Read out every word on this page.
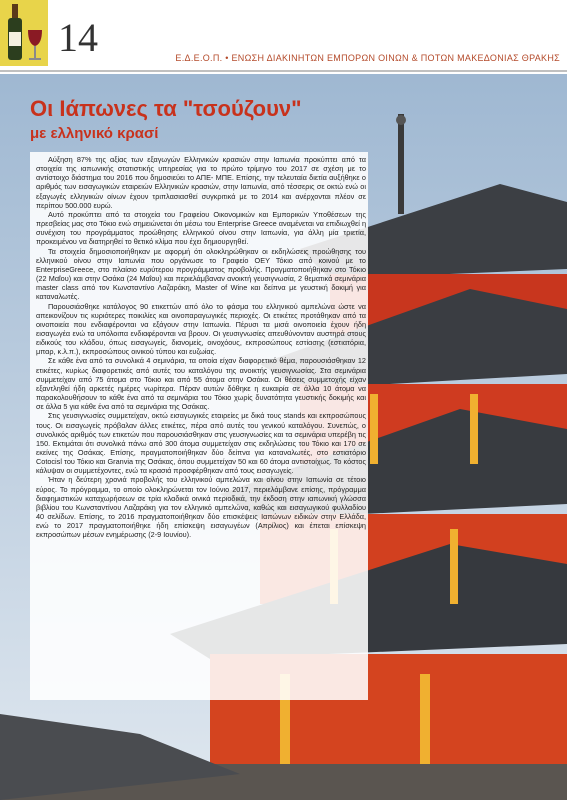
14	Ε.Δ.Ε.Ο.Π. • ΕΝΩΣΗ ΔΙΑΚΙΝΗΤΩΝ ΕΜΠΟΡΩΝ ΟΙΝΩΝ & ΠΟΤΩΝ ΜΑΚΕΔΟΝΙΑΣ ΘΡΑΚΗΣ
Οι Ιάπωνες τα "τσούζουν"
με ελληνικό κρασί

Αύξηση 87% της αξίας των εξαγωγών Ελληνικών κρασιών στην Ιαπωνία προκύπτει από τα στοιχεία της ιαπωνικής στατιστικής υπηρεσίας για το πρώτο τρίμηνο του 2017 σε σχέση με το αντίστοιχο διάστημα του 2016 που δημοσιεύει το ΑΠΕ- ΜΠΕ. Επίσης, την τελευταία διετία αυξήθηκε ο αριθμός των εισαγωγικών εταιρειών Ελληνικών κρασιών, στην Ιαπωνία, από τέσσερις σε οκτώ ενώ οι εξαγωγές ελληνικών οίνων έχουν τριπλασιασθεί συγκριτικά με το 2014 και ανέρχονται πλέον σε περίπου 500.000 ευρώ.

Αυτό προκύπτει από τα στοιχεία του Γραφείου Οικονομικών και Εμπορικών Υποθέσεων της πρεσβείας μας στο Τόκιο ενώ σημειώνεται ότι μέσω του Enterprise Greece αναμένεται να επιδιωχθεί η συνέχιση του προγράμματος προώθησης ελληνικού οίνου στην Ιαπωνία, για άλλη μία τριετία, προκειμένου να διατηρηθεί το θετικό κλίμα που έχει δημιουργηθεί.

Τα στοιχεία δημοσιοποιήθηκαν με αφορμή ότι ολοκληρώθηκαν οι εκδηλώσεις προώθησης του ελληνικού οίνου στην Ιαπωνία που οργάνωσε το Γραφείο ΟΕΥ Τόκιο από κοινού με το EnterpriseGreece, στο πλαίσιο ευρύτερου προγράμματος προβολής. Πραγματοποιήθηκαν στο Τόκιο (22 Μαΐου) και στην Οσάκα (24 Μαΐου) και περιελάμβαναν ανοικτή γευσιγνωσία, 2 θεματικά σεμινάρια master class από τον Κωνσταντίνο Λαζαράκη, Master of Wine και δείπνα με γευστική δοκιμή για καταναλωτές.

Παρουσιάσθηκε κατάλογος 90 ετικεττών από όλο το φάσμα του ελληνικού αμπελώνα ώστε να απεικονίζουν τις κυριότερες ποικιλίες και οινοπαραγωγικές περιοχές. Οι ετικέτες προτάθηκαν από τα οινοποιεία που ενδιαφέρονται να εξάγουν στην Ιαπωνία. Πέρυσι τα μισά οινοποιεία έχουν ήδη εισαγωγέα ενώ τα υπόλοιπα ενδιαφέρονται να βρουν. Οι γευσιγνωσίες απευθύνονταν αυστηρά στους ειδικούς του κλάδου, όπως εισαγωγείς, διανομείς, οινοχόους, εκπροσώπους εστίασης (εστιατόρια, μπαρ, κ.λ.π.), εκπροσώπους οινικού τύπου και ευζωίας.

Σε κάθε ένα από τα συνολικά 4 σεμινάρια, τα οποία είχαν διαφορετικό θέμα, παρουσιάσθηκαν 12 ετικέτες, κυρίως διαφορετικές από αυτές του καταλόγου της ανοικτής γευσιγνωσίας. Στα σεμινάρια συμμετείχαν από 75 άτομα στο Τόκιο και από 55 άτομα στην Οσάκα. Οι θέσεις συμμετοχής είχαν εξαντληθεί ήδη αρκετές ημέρες νωρίτερα. Πέραν αυτών δόθηκε η ευκαιρία σε άλλα 10 άτομα να παρακολουθήσουν το κάθε ένα από τα σεμινάρια του Τόκιο χωρίς δυνατότητα γευστικής δοκιμής και σε άλλα 5 για κάθε ένα από τα σεμινάρια της Οσάκας.

Στις γευσιγνωσίες συμμετείχαν, οκτώ εισαγωγικές εταιρείες με δικά τους stands και εκπροσώπους τους. Οι εισαγωγείς πρόβαλαν άλλες ετικέτες, πέρα από αυτές του γενικού καταλόγου. Συνεπώς, ο συνολικός αριθμός των ετικετών που παρουσιάσθηκαν στις γευσιγνωσίες και τα σεμινάρια υπερέβη τις 150. Εκτιμάται ότι συνολικά πάνω από 300 άτομα συμμετείχαν στις εκδηλώσεις του Τόκιο και 170 σε εκείνες της Οσάκας. Επίσης, πραγματοποιήθηκαν δύο δείπνα για καταναλωτές, στο εστιατόριο Cotocisl του Τόκιο και Granvia της Οσάκας, όπου συμμετείχαν 50 και 60 άτομα αντιστοίχως. Το κόστος κάλυψαν οι συμμετέχοντες, ενώ τα κρασιά προσφέρθηκαν από τους εισαγωγείς.

Ήταν η δεύτερη χρονιά προβολής του ελληνικού αμπελώνα και οίνου στην Ιαπωνία σε τέτοιο εύρος. Το πρόγραμμα, το οποίο ολοκληρώνεται τον Ιούνιο 2017, περιελάμβανε επίσης, πρόγραμμα διαφημιστικών καταχωρήσεων σε τρία κλαδικά οινικά περιοδικά, την έκδοση στην ιαπωνική γλώσσα βιβλίου του Κωνσταντίνου Λαζαράκη για τον ελληνικό αμπελώνα, καθώς και εισαγωγικού φυλλαδίου 40 σελίδων. Επίσης, το 2016 πραγματοποιήθηκαν δύο επισκέψεις Ιαπώνων ειδικών στην Ελλάδα, ενώ το 2017 πραγματοποιήθηκε ήδη επίσκεψη εισαγωγέων (Απρίλιος) και έπεται επίσκεψη εκπροσώπων μέσων ενημέρωσης (2-9 Ιουνίου).
